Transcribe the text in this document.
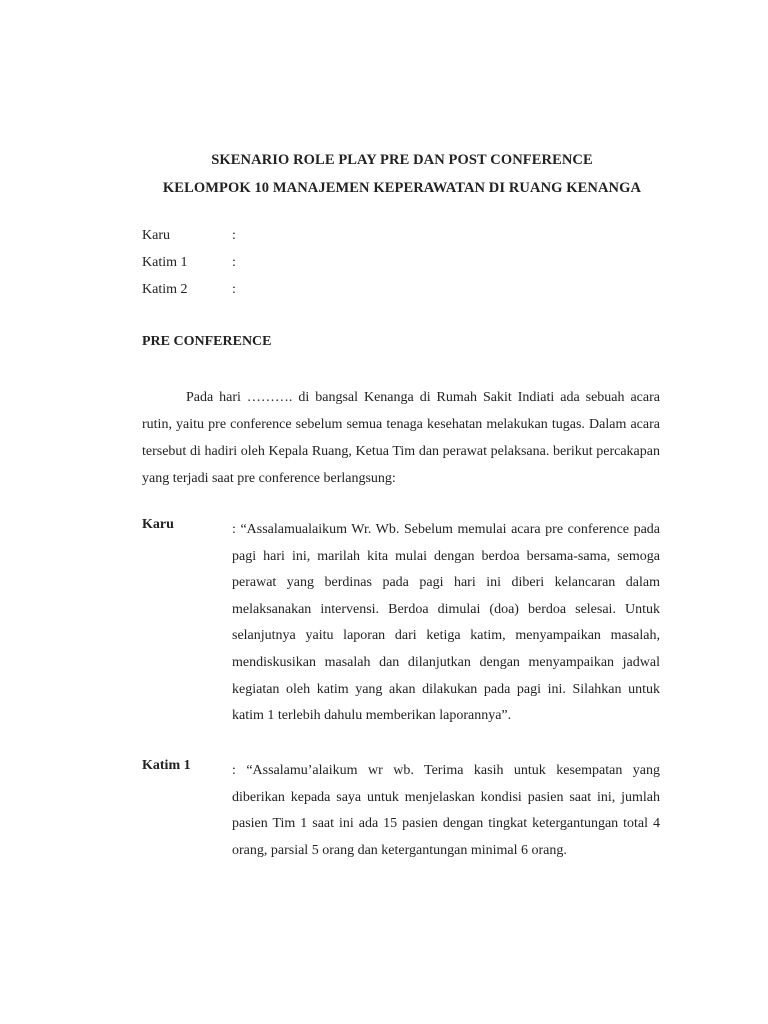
SKENARIO ROLE PLAY PRE DAN POST CONFERENCE
KELOMPOK 10 MANAJEMEN KEPERAWATAN DI RUANG KENANGA
Karu	:
Katim 1	:
Katim 2	:
PRE CONFERENCE
Pada hari ………. di bangsal Kenanga di Rumah Sakit Indiati ada sebuah acara rutin, yaitu pre conference sebelum semua tenaga kesehatan melakukan tugas. Dalam acara tersebut di hadiri oleh Kepala Ruang, Ketua Tim dan perawat pelaksana. berikut percakapan yang terjadi saat pre conference berlangsung:
Karu	: “Assalamualaikum Wr. Wb. Sebelum memulai acara pre conference pada pagi hari ini, marilah kita mulai dengan berdoa bersama-sama, semoga perawat yang berdinas pada pagi hari ini diberi kelancaran dalam melaksanakan intervensi. Berdoa dimulai (doa) berdoa selesai. Untuk selanjutnya yaitu laporan dari ketiga katim, menyampaikan masalah, mendiskusikan masalah dan dilanjutkan dengan menyampaikan jadwal kegiatan oleh katim yang akan dilakukan pada pagi ini. Silahkan untuk katim 1 terlebih dahulu memberikan laporannya”.
Katim 1	: “Assalamu’alaikum wr wb. Terima kasih untuk kesempatan yang diberikan kepada saya untuk menjelaskan kondisi pasien saat ini, jumlah pasien Tim 1 saat ini ada 15 pasien dengan tingkat ketergantungan total 4 orang, parsial 5 orang dan ketergantungan minimal 6 orang.
